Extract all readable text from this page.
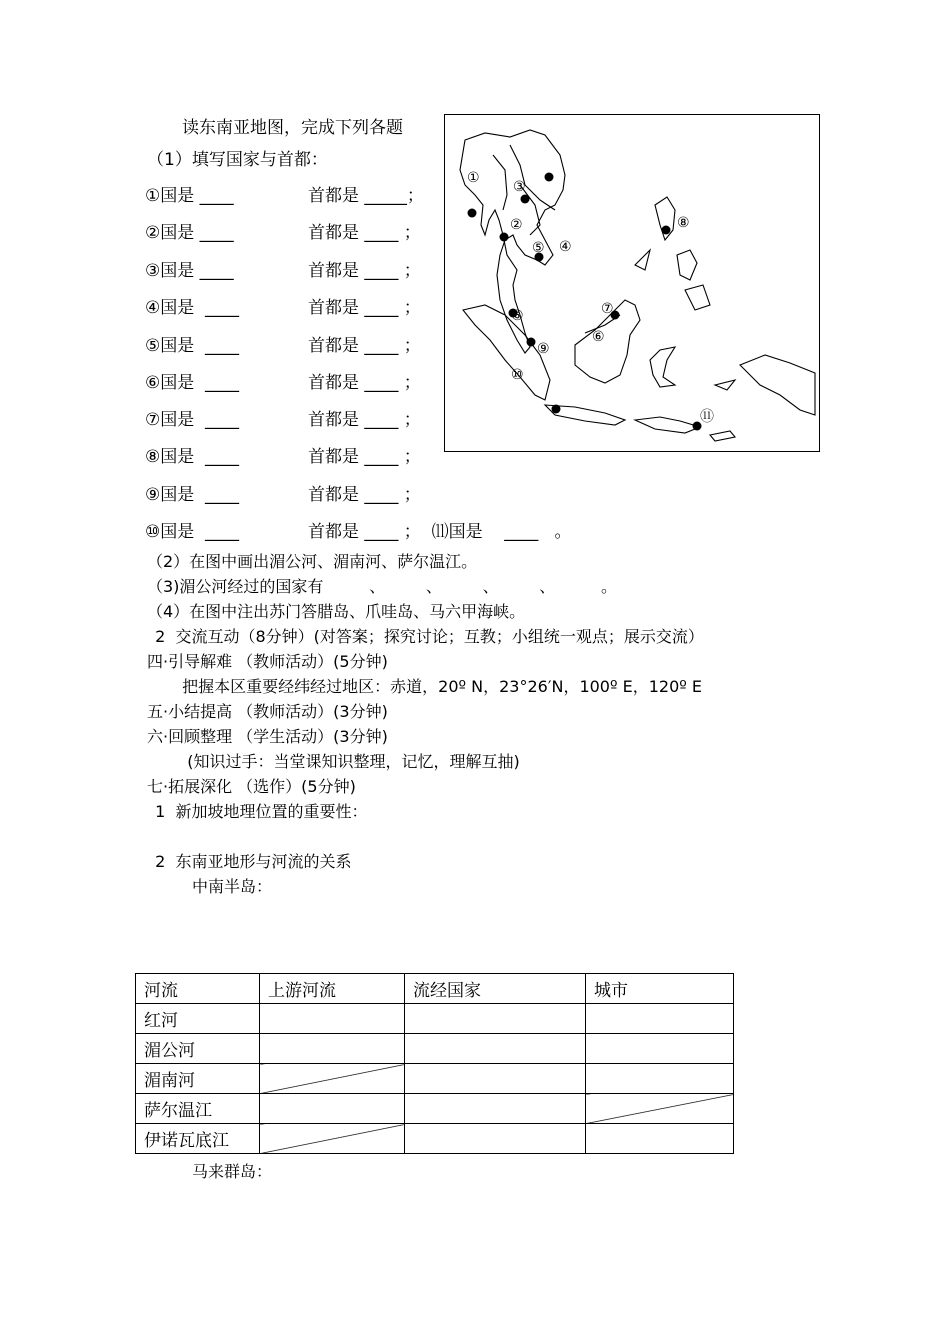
读东南亚地图，完成下列各题
（1）填写国家与首都：
①国是 ____	首都是 _____；
②国是 ____	首都是 ____ ；
③国是 ____	首都是 ____ ；
④国是  ____	首都是 ____ ；
⑤国是  ____	首都是 ____ ；
⑥国是  ____	首都是 ____ ；
⑦国是  ____	首都是 ____ ；
⑧国是  ____	首都是 ____ ；
⑨国是  ____	首都是 ____ ；
⑩国是  ____	首都是 ____ ；  ⑾国是    ____   。
①
②
③
④
⑤
⑥
⑥
⑦
⑧
⑨
⑩
⑪
（2）在图中画出湄公河、湄南河、萨尔温江。
（3)湄公河经过的国家有         、        、        、        、         。
（4）在图中注出苏门答腊岛、爪哇岛、马六甲海峡。
2  交流互动（8分钟）(对答案；探究讨论；互教；小组统一观点；展示交流）
四·引导解难 （教师活动）(5分钟)
把握本区重要经纬经过地区：赤道，20º N，23°26′N，100º E，120º E
五·小结提高 （教师活动）(3分钟)
六·回顾整理 （学生活动）(3分钟)
(知识过手：当堂课知识整理，记忆，理解互抽)
七·拓展深化 （选作）(5分钟)
1  新加坡地理位置的重要性：
2  东南亚地形与河流的关系
中南半岛：
河流	上游河流	流经国家	城市
红河			
湄公河			
湄南河			
萨尔温江			
伊诺瓦底江			
马来群岛：
